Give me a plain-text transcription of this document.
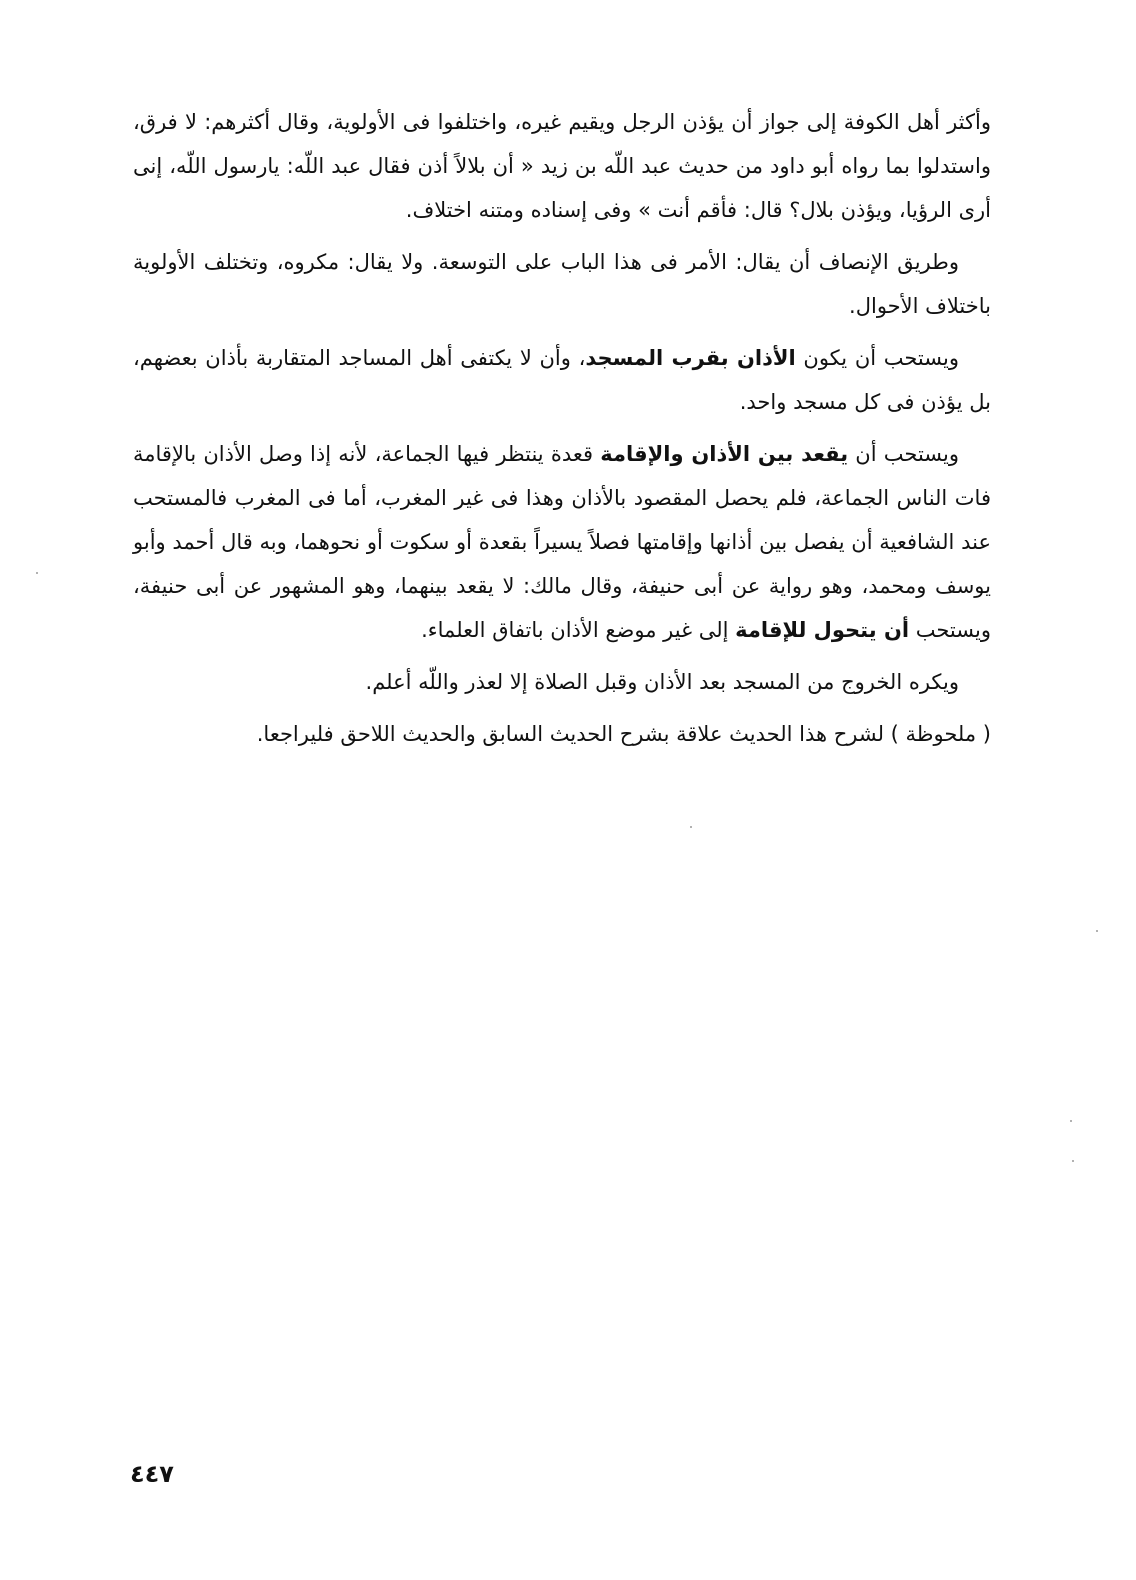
وأكثر أهل الكوفة إلى جواز أن يؤذن الرجل ويقيم غيره، واختلفوا فى الأولوية، وقال أكثرهم: لا فرق، واستدلوا بما رواه أبو داود من حديث عبد اللّه بن زيد « أن بلالاً أذن فقال عبد اللّه: يارسول اللّه، إنى أرى الرؤيا، ويؤذن بلال؟ قال: فأقم أنت » وفى إسناده ومتنه اختلاف.

وطريق الإنصاف أن يقال: الأمر فى هذا الباب على التوسعة. ولا يقال: مكروه، وتختلف الأولوية باختلاف الأحوال.

ويستحب أن يكون الأذان بقرب المسجد، وأن لا يكتفى أهل المساجد المتقاربة بأذان بعضهم، بل يؤذن فى كل مسجد واحد.

ويستحب أن يقعد بين الأذان والإقامة قعدة ينتظر فيها الجماعة، لأنه إذا وصل الأذان بالإقامة فات الناس الجماعة، فلم يحصل المقصود بالأذان وهذا فى غير المغرب، أما فى المغرب فالمستحب عند الشافعية أن يفصل بين أذانها وإقامتها فصلاً يسيراً بقعدة أو سكوت أو نحوهما، وبه قال أحمد وأبو يوسف ومحمد، وهو رواية عن أبى حنيفة، وقال مالك: لا يقعد بينهما، وهو المشهور عن أبى حنيفة، ويستحب أن يتحول للإقامة إلى غير موضع الأذان باتفاق العلماء.

ويكره الخروج من المسجد بعد الأذان وقبل الصلاة إلا لعذر واللّه أعلم.

( ملحوظة ) لشرح هذا الحديث علاقة بشرح الحديث السابق والحديث اللاحق فليراجعا.

٤٤٧
